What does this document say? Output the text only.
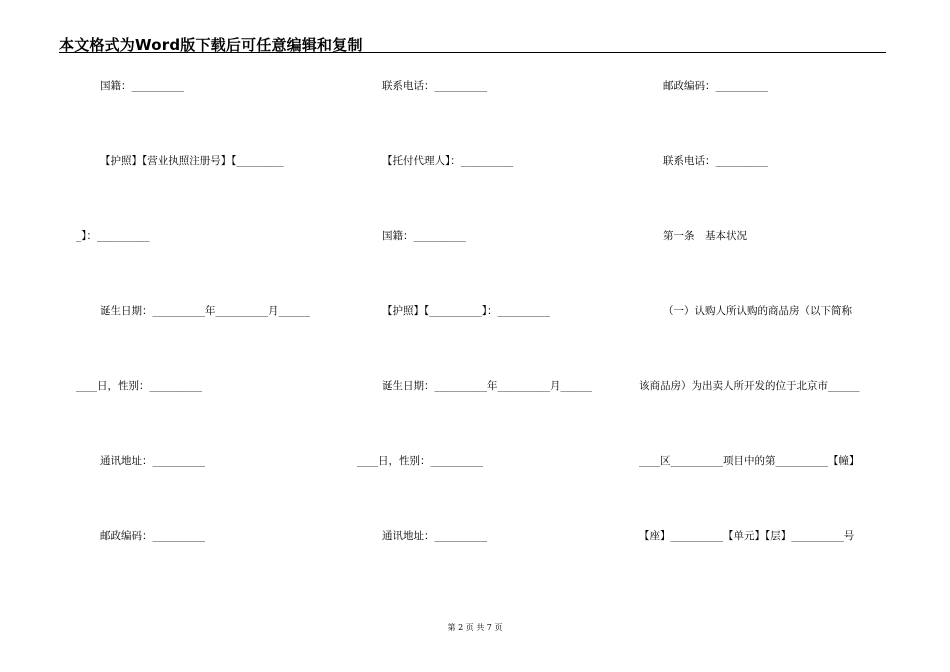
本文格式为Word版下载后可任意编辑和复制
国籍：__________
【护照】【营业执照注册号】【_________
_】：__________
诞生日期：__________年__________月______
____日，性别：__________
通讯地址：__________
邮政编码：__________
联系电话：__________
【托付代理人】：__________
国籍：__________
【护照】【__________】：__________
诞生日期：__________年__________月______
____日，性别：__________
通讯地址：__________
邮政编码：__________
联系电话：__________
第一条　基本状况
（一）认购人所认购的商品房（以下简称
该商品房）为出卖人所开发的位于北京市______
____区__________项目中的第__________【幢】
【座】__________【单元】【层】__________号
第 2 页 共 7 页
